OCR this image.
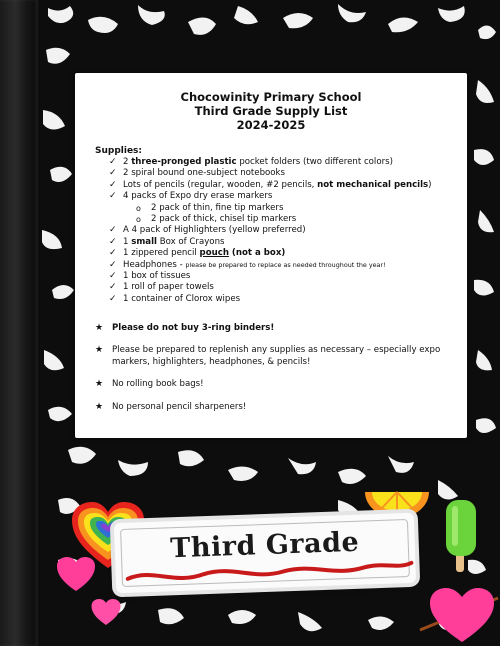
Chocowinity Primary School
Third Grade Supply List
2024-2025
Supplies:
✓ 2 three-pronged plastic pocket folders (two different colors)
✓ 2 spiral bound one-subject notebooks
✓ Lots of pencils (regular, wooden, #2 pencils, not mechanical pencils)
✓ 4 packs of Expo dry erase markers
o 2 pack of thin, fine tip markers
o 2 pack of thick, chisel tip markers
✓ A 4 pack of Highlighters (yellow preferred)
✓ 1 small Box of Crayons
✓ 1 zippered pencil pouch (not a box)
✓ Headphones - please be prepared to replace as needed throughout the year!
✓ 1 box of tissues
✓ 1 roll of paper towels
✓ 1 container of Clorox wipes
★ Please do not buy 3-ring binders!
★ Please be prepared to replenish any supplies as necessary – especially expo markers, highlighters, headphones, & pencils!
★ No rolling book bags!
★ No personal pencil sharpeners!
Third Grade
